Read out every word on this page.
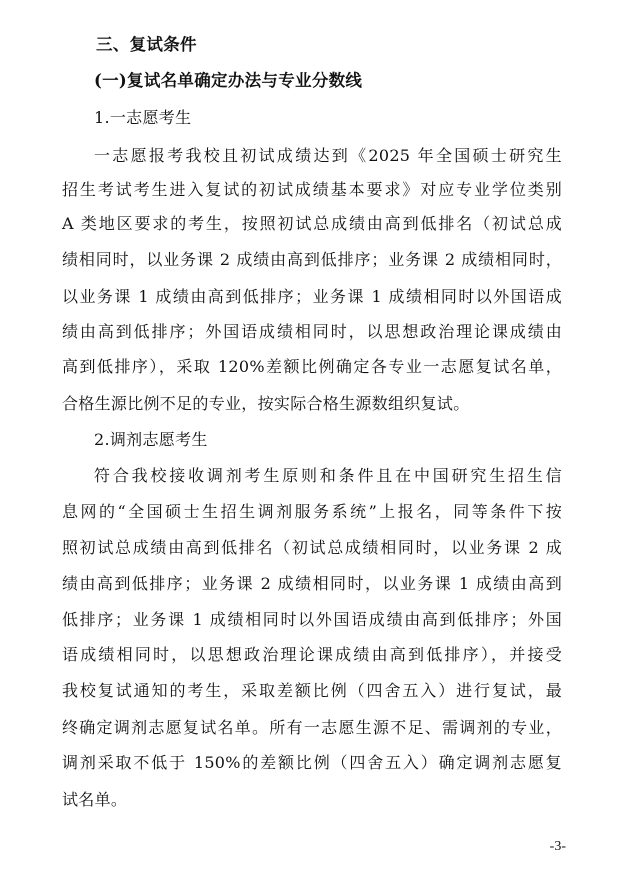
三、复试条件
(一)复试名单确定办法与专业分数线
1.一志愿考生
一志愿报考我校且初试成绩达到《2025 年全国硕士研究生
招生考试考生进入复试的初试成绩基本要求》对应专业学位类别
A 类地区要求的考生，按照初试总成绩由高到低排名（初试总成
绩相同时，以业务课 2 成绩由高到低排序；业务课 2 成绩相同时，
以业务课 1 成绩由高到低排序；业务课 1 成绩相同时以外国语成
绩由高到低排序；外国语成绩相同时，以思想政治理论课成绩由
高到低排序），采取 120%差额比例确定各专业一志愿复试名单，
合格生源比例不足的专业，按实际合格生源数组织复试。
2.调剂志愿考生
符合我校接收调剂考生原则和条件且在中国研究生招生信
息网的“全国硕士生招生调剂服务系统”上报名，同等条件下按
照初试总成绩由高到低排名（初试总成绩相同时，以业务课 2 成
绩由高到低排序；业务课 2 成绩相同时，以业务课 1 成绩由高到
低排序；业务课 1 成绩相同时以外国语成绩由高到低排序；外国
语成绩相同时，以思想政治理论课成绩由高到低排序），并接受
我校复试通知的考生，采取差额比例（四舍五入）进行复试，最
终确定调剂志愿复试名单。所有一志愿生源不足、需调剂的专业，
调剂采取不低于 150%的差额比例（四舍五入）确定调剂志愿复
试名单。
-3-
